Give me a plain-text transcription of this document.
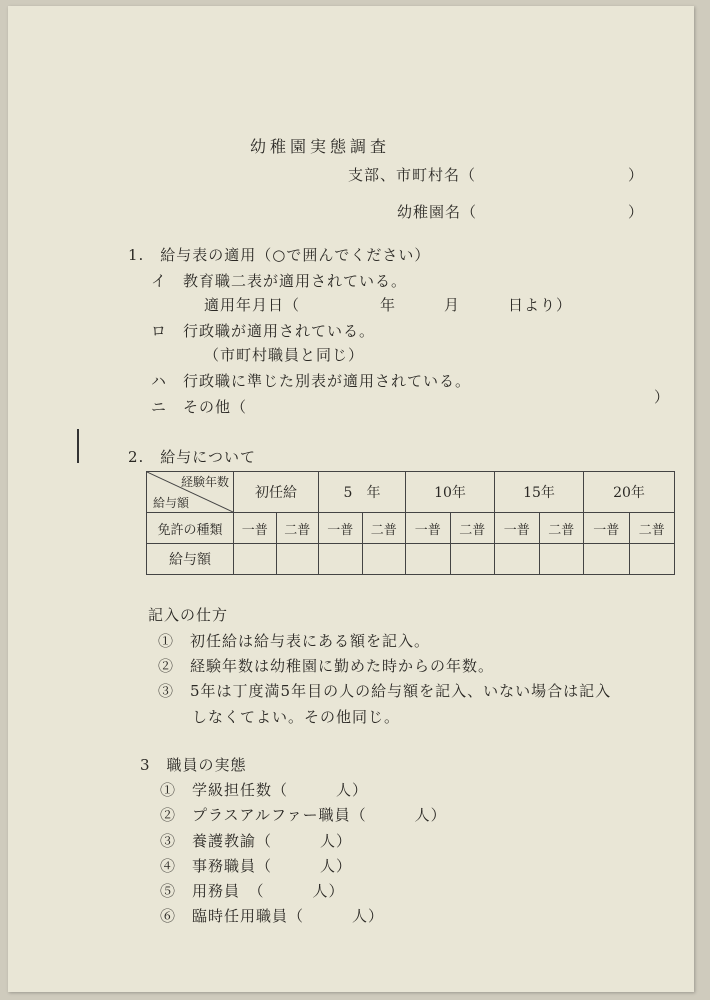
幼稚園実態調査
支部、市町村名（	）
幼稚園名（	）
1.　給与表の適用（○で囲んでください）
イ　教育職二表が適用されている。
適用年月日（　　　　　年　　　月　　　日より）
ロ　行政職が適用されている。
（市町村職員と同じ）
ハ　行政職に準じた別表が適用されている。
ニ　その他（
）
2.　給与について
経験年数
給与額	初任給		5　年		10年		15年		20年	
免許の種類	一普	二普	一普	二普	一普	二普	一普	二普	一普	二普
給与額										
記入の仕方
①　初任給は給与表にある額を記入。
②　経験年数は幼稚園に勤めた時からの年数。
③　5年は丁度満5年目の人の給与額を記入、いない場合は記入
しなくてよい。その他同じ。
3　職員の実態
①　学級担任数（　　　人）
②　プラスアルファー職員（　　　人）
③　養護教諭（　　　人）
④　事務職員（　　　人）
⑤　用務員　（　　　人）
⑥　臨時任用職員（　　　人）
